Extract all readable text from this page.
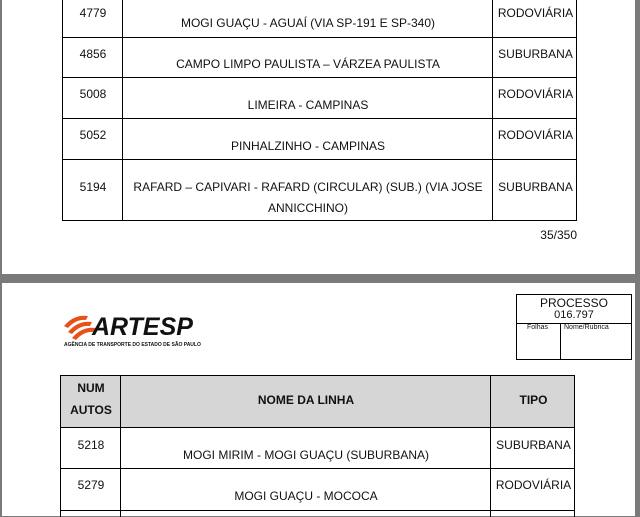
4779
MOGI GUAÇU - AGUAÍ (VIA SP-191 E SP-340)
RODOVIÁRIA
4856
CAMPO LIMPO PAULISTA – VÁRZEA PAULISTA
SUBURBANA
5008
LIMEIRA - CAMPINAS
RODOVIÁRIA
5052
PINHALZINHO - CAMPINAS
RODOVIÁRIA
5194	RAFARD – CAPIVARI - RAFARD (CIRCULAR) (SUB.) (VIA JOSE
ANNICCHINO)
SUBURBANA
35/350
ARTESP
AGÊNCIA DE TRANSPORTE DO ESTADO DE SÃO PAULO
PROCESSO
016.797
Folhas Nome/Rubrica
NUM
AUTOS
NOME DA LINHA	TIPO
5218
MOGI MIRIM - MOGI GUAÇU (SUBURBANA)
SUBURBANA
5279
MOGI GUAÇU - MOCOCA
RODOVIÁRIA
